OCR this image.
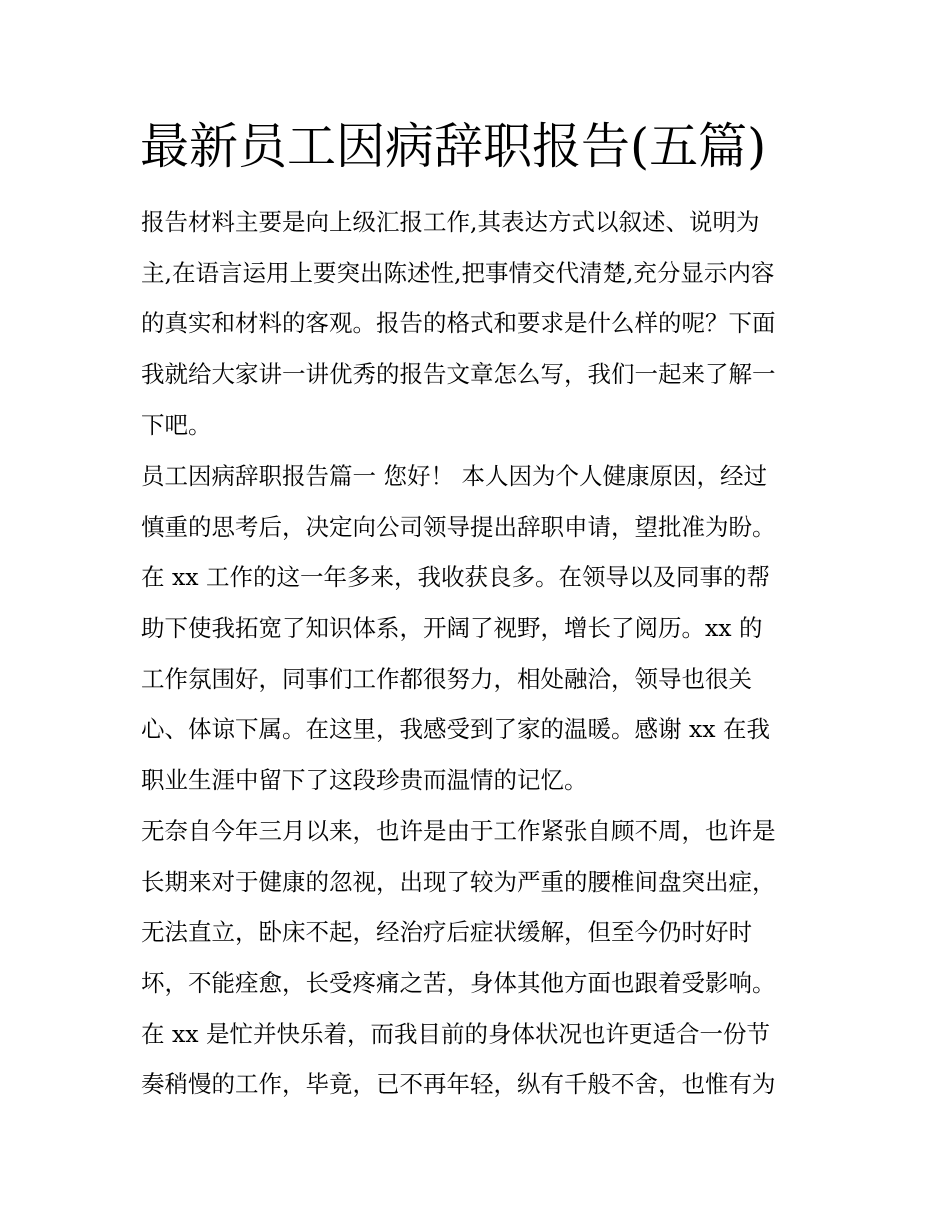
最新员工因病辞职报告(五篇)

报告材料主要是向上级汇报工作,其表达方式以叙述、说明为
主,在语言运用上要突出陈述性,把事情交代清楚,充分显示内容
的真实和材料的客观。报告的格式和要求是什么样的呢？下面
我就给大家讲一讲优秀的报告文章怎么写，我们一起来了解一
下吧。

员工因病辞职报告篇一 您好！ 本人因为个人健康原因，经过
慎重的思考后，决定向公司领导提出辞职申请，望批准为盼。
在 xx 工作的这一年多来，我收获良多。在领导以及同事的帮
助下使我拓宽了知识体系，开阔了视野，增长了阅历。xx 的
工作氛围好，同事们工作都很努力，相处融洽，领导也很关
心、体谅下属。在这里，我感受到了家的温暖。感谢 xx 在我
职业生涯中留下了这段珍贵而温情的记忆。

无奈自今年三月以来，也许是由于工作紧张自顾不周，也许是
长期来对于健康的忽视，出现了较为严重的腰椎间盘突出症，
无法直立，卧床不起，经治疗后症状缓解，但至今仍时好时
坏，不能痊愈，长受疼痛之苦，身体其他方面也跟着受影响。
在 xx 是忙并快乐着，而我目前的身体状况也许更适合一份节
奏稍慢的工作，毕竟，已不再年轻，纵有千般不舍，也惟有为
